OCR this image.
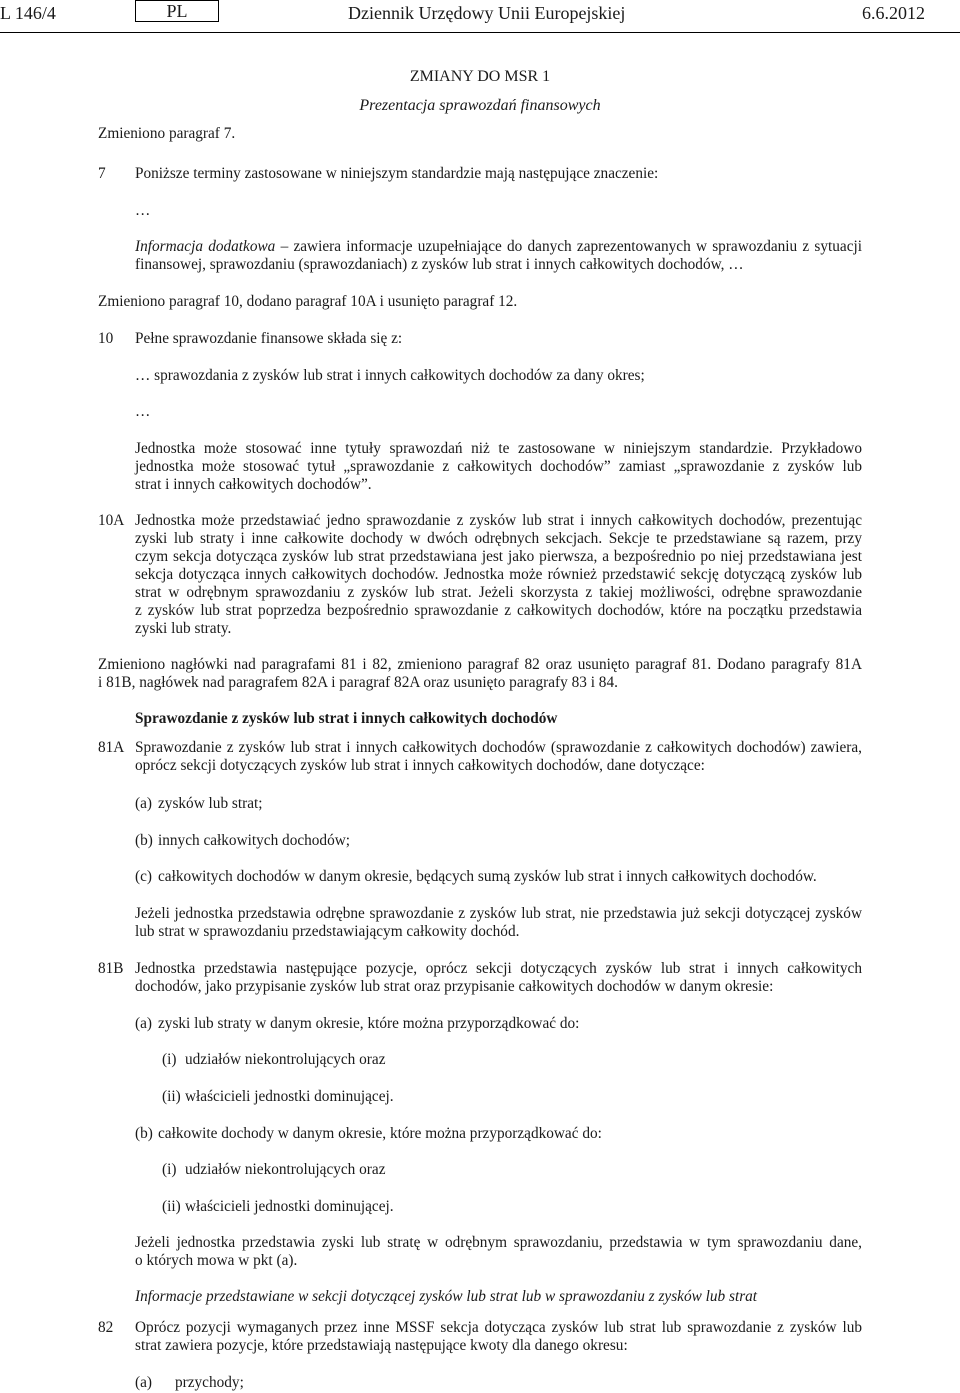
L 146/4	PL	Dziennik Urzędowy Unii Europejskiej	6.6.2012
ZMIANY DO MSR 1
Prezentacja sprawozdań finansowych
Zmieniono paragraf 7.
7 Poniższe terminy zastosowane w niniejszym standardzie mają następujące znaczenie:
…
Informacja dodatkowa – zawiera informacje uzupełniające do danych zaprezentowanych w sprawozdaniu z sytuacji
finansowej, sprawozdaniu (sprawozdaniach) z zysków lub strat i innych całkowitych dochodów, …
Zmieniono paragraf 10, dodano paragraf 10A i usunięto paragraf 12.
10 Pełne sprawozdanie finansowe składa się z:
… sprawozdania z zysków lub strat i innych całkowitych dochodów za dany okres;
…
Jednostka może stosować inne tytuły sprawozdań niż te zastosowane w niniejszym standardzie. Przykładowo
jednostka może stosować tytuł „sprawozdanie z całkowitych dochodów” zamiast „sprawozdanie z zysków lub
strat i innych całkowitych dochodów”.
10A Jednostka może przedstawiać jedno sprawozdanie z zysków lub strat i innych całkowitych dochodów, prezentując
zyski lub straty i inne całkowite dochody w dwóch odrębnych sekcjach. Sekcje te przedstawiane są razem, przy
czym sekcja dotycząca zysków lub strat przedstawiana jest jako pierwsza, a bezpośrednio po niej przedstawiana jest
sekcja dotycząca innych całkowitych dochodów. Jednostka może również przedstawić sekcję dotyczącą zysków lub
strat w odrębnym sprawozdaniu z zysków lub strat. Jeżeli skorzysta z takiej możliwości, odrębne sprawozdanie
z zysków lub strat poprzedza bezpośrednio sprawozdanie z całkowitych dochodów, które na początku przedstawia
zyski lub straty.
Zmieniono nagłówki nad paragrafami 81 i 82, zmieniono paragraf 82 oraz usunięto paragraf 81. Dodano paragrafy 81A
i 81B, nagłówek nad paragrafem 82A i paragraf 82A oraz usunięto paragrafy 83 i 84.
Sprawozdanie z zysków lub strat i innych całkowitych dochodów
81A Sprawozdanie z zysków lub strat i innych całkowitych dochodów (sprawozdanie z całkowitych dochodów) zawiera,
oprócz sekcji dotyczących zysków lub strat i innych całkowitych dochodów, dane dotyczące:
(a) zysków lub strat;
(b) innych całkowitych dochodów;
(c) całkowitych dochodów w danym okresie, będących sumą zysków lub strat i innych całkowitych dochodów.
Jeżeli jednostka przedstawia odrębne sprawozdanie z zysków lub strat, nie przedstawia już sekcji dotyczącej zysków
lub strat w sprawozdaniu przedstawiającym całkowity dochód.
81B Jednostka przedstawia następujące pozycje, oprócz sekcji dotyczących zysków lub strat i innych całkowitych
dochodów, jako przypisanie zysków lub strat oraz przypisanie całkowitych dochodów w danym okresie:
(a) zyski lub straty w danym okresie, które można przyporządkować do:
(i) udziałów niekontrolujących oraz
(ii) właścicieli jednostki dominującej.
(b) całkowite dochody w danym okresie, które można przyporządkować do:
(i) udziałów niekontrolujących oraz
(ii) właścicieli jednostki dominującej.
Jeżeli jednostka przedstawia zyski lub stratę w odrębnym sprawozdaniu, przedstawia w tym sprawozdaniu dane,
o których mowa w pkt (a).
Informacje przedstawiane w sekcji dotyczącej zysków lub strat lub w sprawozdaniu z zysków lub strat
82 Oprócz pozycji wymaganych przez inne MSSF sekcja dotycząca zysków lub strat lub sprawozdanie z zysków lub
strat zawiera pozycje, które przedstawiają następujące kwoty dla danego okresu:
(a) przychody;
